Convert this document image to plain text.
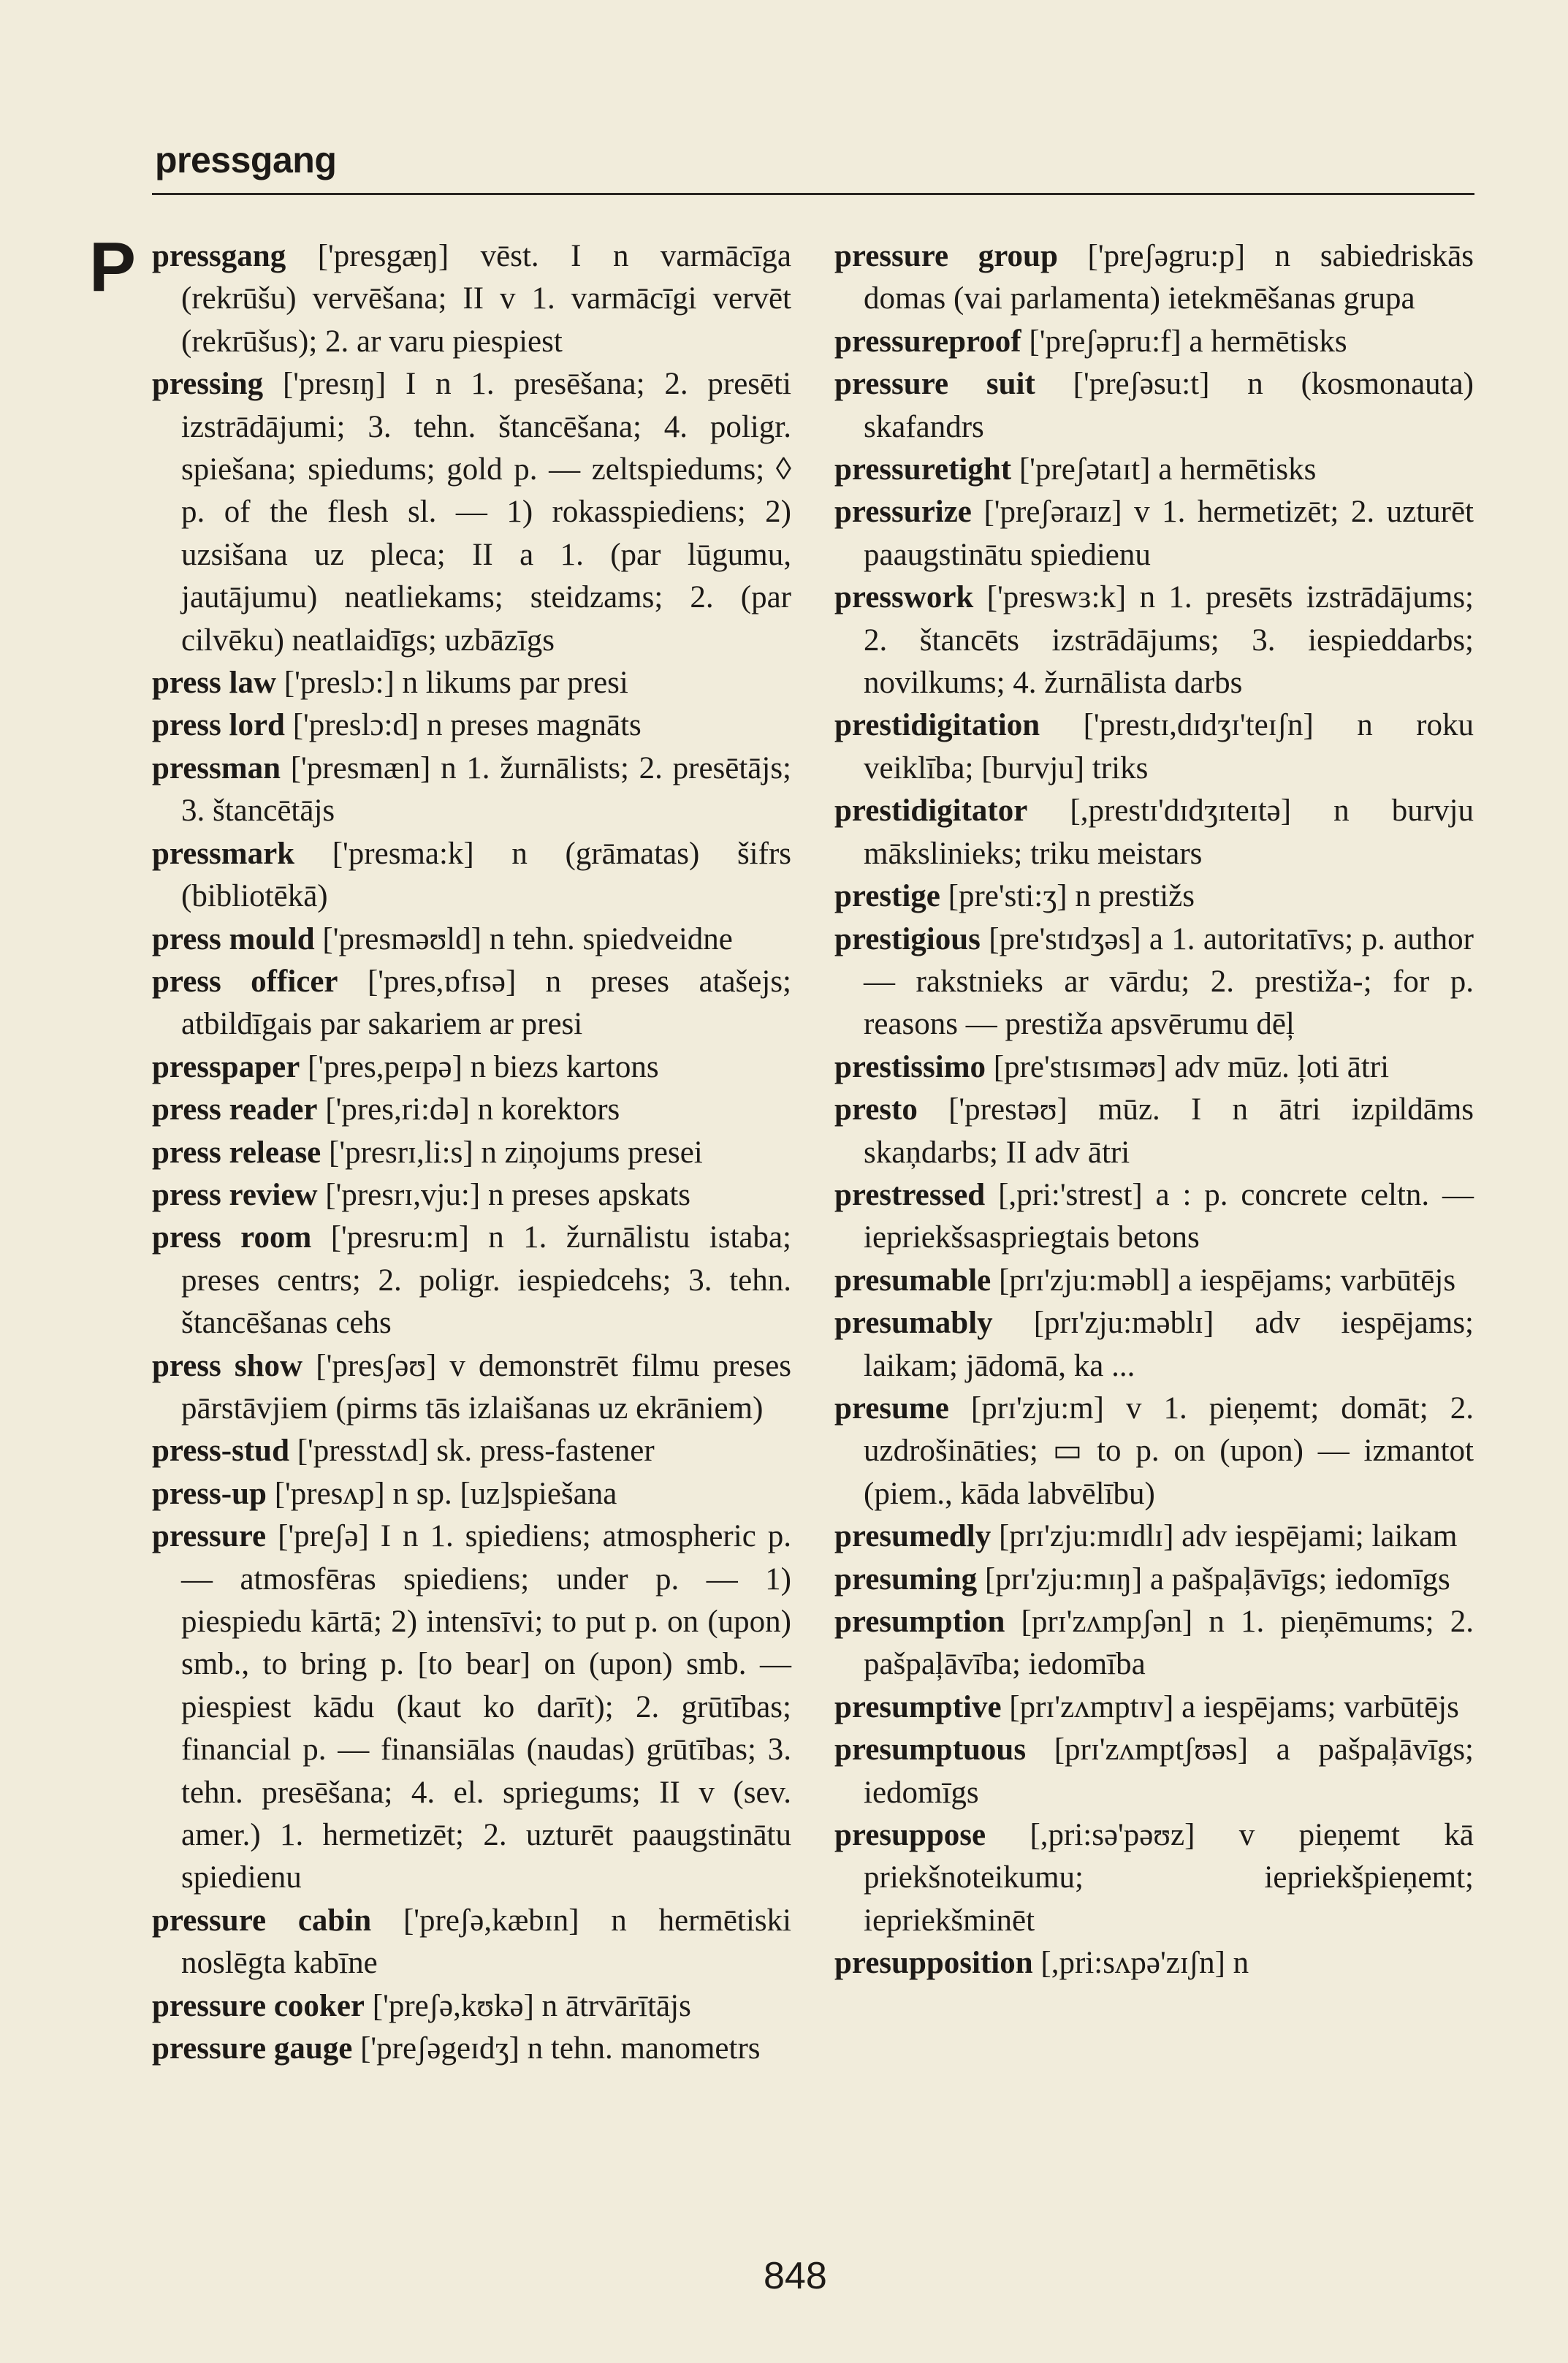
pressgang
P pressgang ['presgæŋ] vēst. I n varmācīga (rekrūšu) vervēšana; II v 1. varmācīgi vervēt (rekrūšus); 2. ar varu piespiest

pressing ['presɪŋ] I n 1. presēšana; 2. presēti izstrādājumi; 3. tehn. štancēšana; 4. poligr. spiešana; spiedums; gold p. — zeltspiedums; ◊ p. of the flesh sl. — 1) rokasspiediens; 2) uzsišana uz pleca; II a 1. (par lūgumu, jautājumu) neatliekams; steidzams; 2. (par cilvēku) neatlaidīgs; uzbāzīgs

press law ['preslɔ:] n likums par presi

press lord ['preslɔ:d] n preses magnāts

pressman ['presmæn] n 1. žurnālists; 2. presētājs; 3. štancētājs

pressmark ['presma:k] n (grāmatas) šifrs (bibliotēkā)

press mould ['presməʊld] n tehn. spiedveidne

press officer ['pres,ɒfɪsə] n preses atašejs; atbildīgais par sakariem ar presi

presspaper ['pres,peɪpə] n biezs kartons

press reader ['pres,ri:də] n korektors

press release ['presrɪ,li:s] n ziņojums presei

press review ['presrɪ,vju:] n preses apskats

press room ['presru:m] n 1. žurnālistu istaba; preses centrs; 2. poligr. iespiedcehs; 3. tehn. štancēšanas cehs

press show ['presʃəʊ] v demonstrēt filmu preses pārstāvjiem (pirms tās izlaišanas uz ekrāniem)

press-stud ['presstʌd] sk. press-fastener

press-up ['presʌp] n sp. [uz]spiešana

pressure ['preʃə] I n 1. spiediens; atmospheric p. — atmosfēras spiediens; under p. — 1) piespiedu kārtā; 2) intensīvi; to put p. on (upon) smb., to bring p. [to bear] on (upon) smb. — piespiest kādu (kaut ko darīt); 2. grūtības; financial p. — finansiālas (naudas) grūtības; 3. tehn. presēšana; 4. el. spriegums; II v (sev. amer.) 1. hermetizēt; 2. uzturēt paaugstinātu spiedienu

pressure cabin ['preʃə,kæbɪn] n hermētiski noslēgta kabīne

pressure cooker ['preʃə,kʊkə] n ātrvārītājs

pressure gauge ['preʃəgeɪdʒ] n tehn. manometrs

pressure group ['preʃəgru:p] n sabiedriskās domas (vai parlamenta) ietekmēšanas grupa

pressureproof ['preʃəpru:f] a hermētisks

pressure suit ['preʃəsu:t] n (kosmonauta) skafandrs

pressuretight ['preʃətaɪt] a hermētisks

pressurize ['preʃəraɪz] v 1. hermetizēt; 2. uzturēt paaugstinātu spiedienu

presswork ['preswɜ:k] n 1. presēts izstrādājums; 2. štancēts izstrādājums; 3. iespieddarbs; novilkums; 4. žurnālista darbs

prestidigitation ['prestɪ,dɪdʒɪ'teɪʃn] n roku veiklība; [burvju] triks

prestidigitator [,prestɪ'dɪdʒɪteɪtə] n burvju mākslinieks; triku meistars

prestige [pre'sti:ʒ] n prestižs

prestigious [pre'stɪdʒəs] a 1. autoritatīvs; p. author — rakstnieks ar vārdu; 2. prestiža-; for p. reasons — prestiža apsvērumu dēļ

prestissimo [pre'stɪsɪməʊ] adv mūz. ļoti ātri

presto ['prestəʊ] mūz. I n ātri izpildāms skaņdarbs; II adv ātri

prestressed [,pri:'strest] a : p. concrete celtn. — iepriekšsaspriegtais betons

presumable [prɪ'zju:məbl] a iespējams; varbūtējs

presumably [prɪ'zju:məblɪ] adv iespējams; laikam; jādomā, ka ...

presume [prɪ'zju:m] v 1. pieņemt; domāt; 2. uzdrošināties; ▭ to p. on (upon) — izmantot (piem., kāda labvēlību)

presumedly [prɪ'zju:mɪdlɪ] adv iespējami; laikam

presuming [prɪ'zju:mɪŋ] a pašpaļāvīgs; iedomīgs

presumption [prɪ'zʌmpʃən] n 1. pieņēmums; 2. pašpaļāvība; iedomība

presumptive [prɪ'zʌmptɪv] a iespējams; varbūtējs

presumptuous [prɪ'zʌmptʃʊəs] a pašpaļāvīgs; iedomīgs

presuppose [,pri:sə'pəʊz] v pieņemt kā priekšnoteikumu; iepriekšpieņemt; iepriekšminēt

presupposition [,pri:sʌpə'zɪʃn] n

848
